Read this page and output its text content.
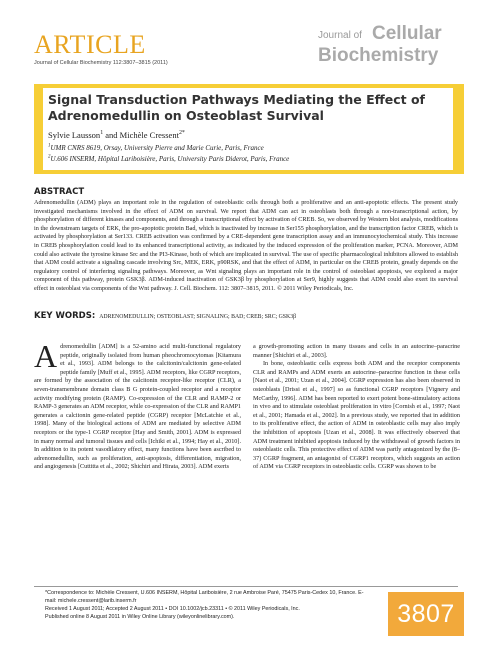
ARTICLE
Journal of Cellular Biochemistry 112:3807–3815 (2011)
Journal of Cellular
Biochemistry
Signal Transduction Pathways Mediating the Effect of Adrenomedullin on Osteoblast Survival
Sylvie Lausson$^1$ and Michèle Cressent$^{2*}$
$^1$UMR CNRS 8619, Orsay, University Pierre and Marie Curie, Paris, France
$^2$U.606 INSERM, Hôpital Lariboisière, Paris, University Paris Diderot, Paris, France
ABSTRACT
Adrenomedullin (ADM) plays an important role in the regulation of osteoblastic cells through both a proliferative and an anti-apoptotic effects. The present study investigated mechanisms involved in the effect of ADM on survival. We report that ADM can act in osteoblasts both through a non-transcriptional action, by phosphorylation of different kinases and components, and through a transcriptional effect by activation of CREB. So, we observed by Western blot analysis, modifications in the downstream targets of ERK, the pro-apoptotic protein Bad, which is inactivated by increase in Ser155 phosphorylation, and the transcription factor CREB, which is activated by phosphorylation at Ser133. CREB activation was confirmed by a CRE-dependent gene transcription assay and an immunocytochemical study. This increase in CREB phosphorylation could lead to its enhanced transcriptional activity, as indicated by the induced expression of the proliferation marker, PCNA. Moreover, ADM could also activate the tyrosine kinase Src and the PI3-Kinase, both of which are implicated in survival. The use of specific pharmacological inhibitors allowed to establish that ADM could activate a signaling cascade involving Src, MEK, ERK, p90RSK, and that the effect of ADM, in particular on the CREB protein, greatly depends on the regulatory control of interfering signaling pathways. Moreover, as Wnt signaling plays an important role in the control of osteoblast apoptosis, we explored a major component of this pathway, protein GSK3β. ADM-induced inactivation of GSK3β by phosphorylation at Ser9, highly suggests that ADM could also exert its survival effect in osteoblast via components of the Wnt pathway. J. Cell. Biochem. 112: 3807–3815, 2011. © 2011 Wiley Periodicals, Inc.
KEY WORDS: ADRENOMEDULLIN; OSTEOBLAST; SIGNALING; BAD; CREB; SRC; GSK3β
Adrenomedullin [ADM] is a 52-amino acid multi-functional regulatory peptide, originally isolated from human pheochromocytomas [Kitamura et al., 1993]. ADM belongs to the calcitonin/calcitonin gene-related peptide family [Muff et al., 1995]. ADM receptors, like CGRP receptors, are formed by the association of the calcitonin receptor-like receptor (CLR), a seven-transmembrane domain class B G protein-coupled receptor and a receptor activity modifying protein (RAMP). Co-expression of the CLR and RAMP-2 or RAMP-3 generates an ADM receptor, while co-expression of the CLR and RAMP1 generates a calcitonin gene-related peptide (CGRP) receptor [McLatchie et al., 1998]. Many of the biological actions of ADM are mediated by selective ADM receptors or the type-1 CGRP receptor [Hay and Smith, 2001]. ADM is expressed in many normal and tumoral tissues and cells [Ichiki et al., 1994; Hay et al., 2010]. In addition to its potent vasodilatory effect, many functions have been ascribed to adrenomedullin, such as proliferation, anti-apoptosis, differentiation, migration, and angiogenesis [Cuttitta et al., 2002; Shichiri and Hirata, 2003]. ADM exerts

a growth-promoting action in many tissues and cells in an autocrine–paracrine manner [Shichiri et al., 2003].

In bone, osteoblastic cells express both ADM and the receptor components CLR and RAMPs and ADM exerts an autocrine–paracrine function in these cells [Naot et al., 2001; Uzan et al., 2004]. CGRP expression has also been observed in osteoblasts [Drissi et al., 1997] so as functional CGRP receptors [Vignery and McCarthy, 1996]. ADM has been reported to exert potent bone-stimulatory actions in vivo and to stimulate osteoblast proliferation in vitro [Cornish et al., 1997; Naot et al., 2001; Hamada et al., 2002]. In a previous study, we reported that in addition to its proliferative effect, the action of ADM in osteoblastic cells may also imply the inhibition of apoptosis [Uzan et al., 2008]. It was effectively observed that ADM treatment inhibited apoptosis induced by the withdrawal of growth factors in osteoblastic cells. This protective effect of ADM was partly antagonized by the (8–37) CGRP fragment, an antagonist of CGRP1 receptors, which suggests an action of ADM via CGRP receptors in osteoblastic cells. CGRP was shown to be

*Correspondence to: Michèle Cressent, U.606 INSERM, Hôpital Lariboisière, 2 rue Ambroise Paré, 75475 Paris-Cedex 10, France. E-mail: michele.cressent@larib.inserm.fr
Received 1 August 2011; Accepted 2 August 2011 • DOI 10.1002/jcb.23311 • © 2011 Wiley Periodicals, Inc.
Published online 8 August 2011 in Wiley Online Library (wileyonlinelibrary.com).	3807
